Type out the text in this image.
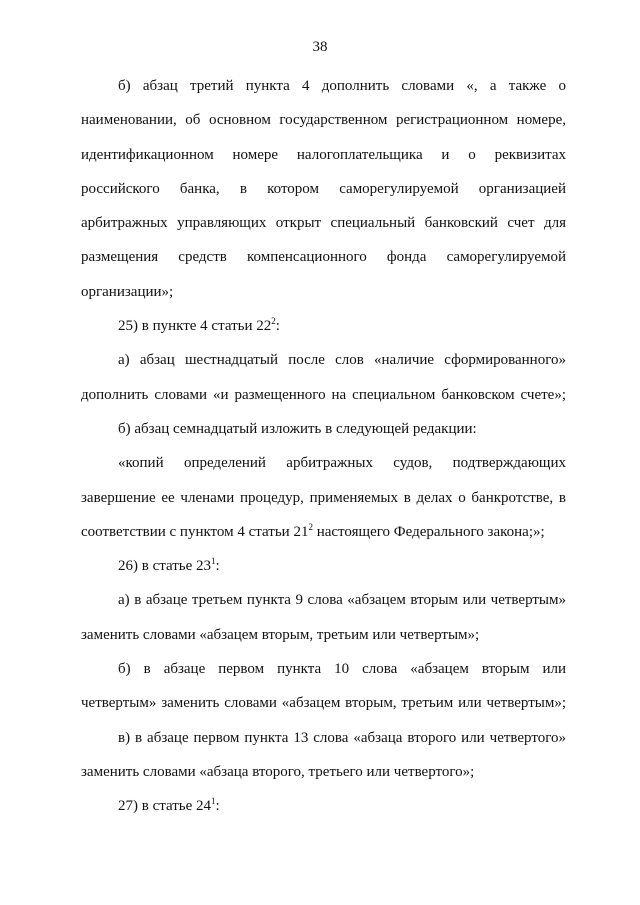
38
б) абзац третий пункта 4 дополнить словами «, а также о
наименовании, об основном государственном регистрационном номере,
идентификационном номере налогоплательщика и о реквизитах
российского банка, в котором саморегулируемой организацией
арбитражных управляющих открыт специальный банковский счет для
размещения средств компенсационного фонда саморегулируемой
организации»;
25) в пункте 4 статьи $22^2$:
а) абзац шестнадцатый после слов «наличие сформированного»
дополнить словами «и размещенного на специальном банковском счете»;
б) абзац семнадцатый изложить в следующей редакции:
«копий определений арбитражных судов, подтверждающих
завершение ее членами процедур, применяемых в делах о банкротстве, в
соответствии с пунктом 4 статьи $21^2$ настоящего Федерального закона;»;
26) в статье $23^1$:
а) в абзаце третьем пункта 9 слова «абзацем вторым или четвертым»
заменить словами «абзацем вторым, третьим или четвертым»;
б) в абзаце первом пункта 10 слова «абзацем вторым или
четвертым» заменить словами «абзацем вторым, третьим или четвертым»;
в) в абзаце первом пункта 13 слова «абзаца второго или четвертого»
заменить словами «абзаца второго, третьего или четвертого»;
27) в статье $24^1$:
